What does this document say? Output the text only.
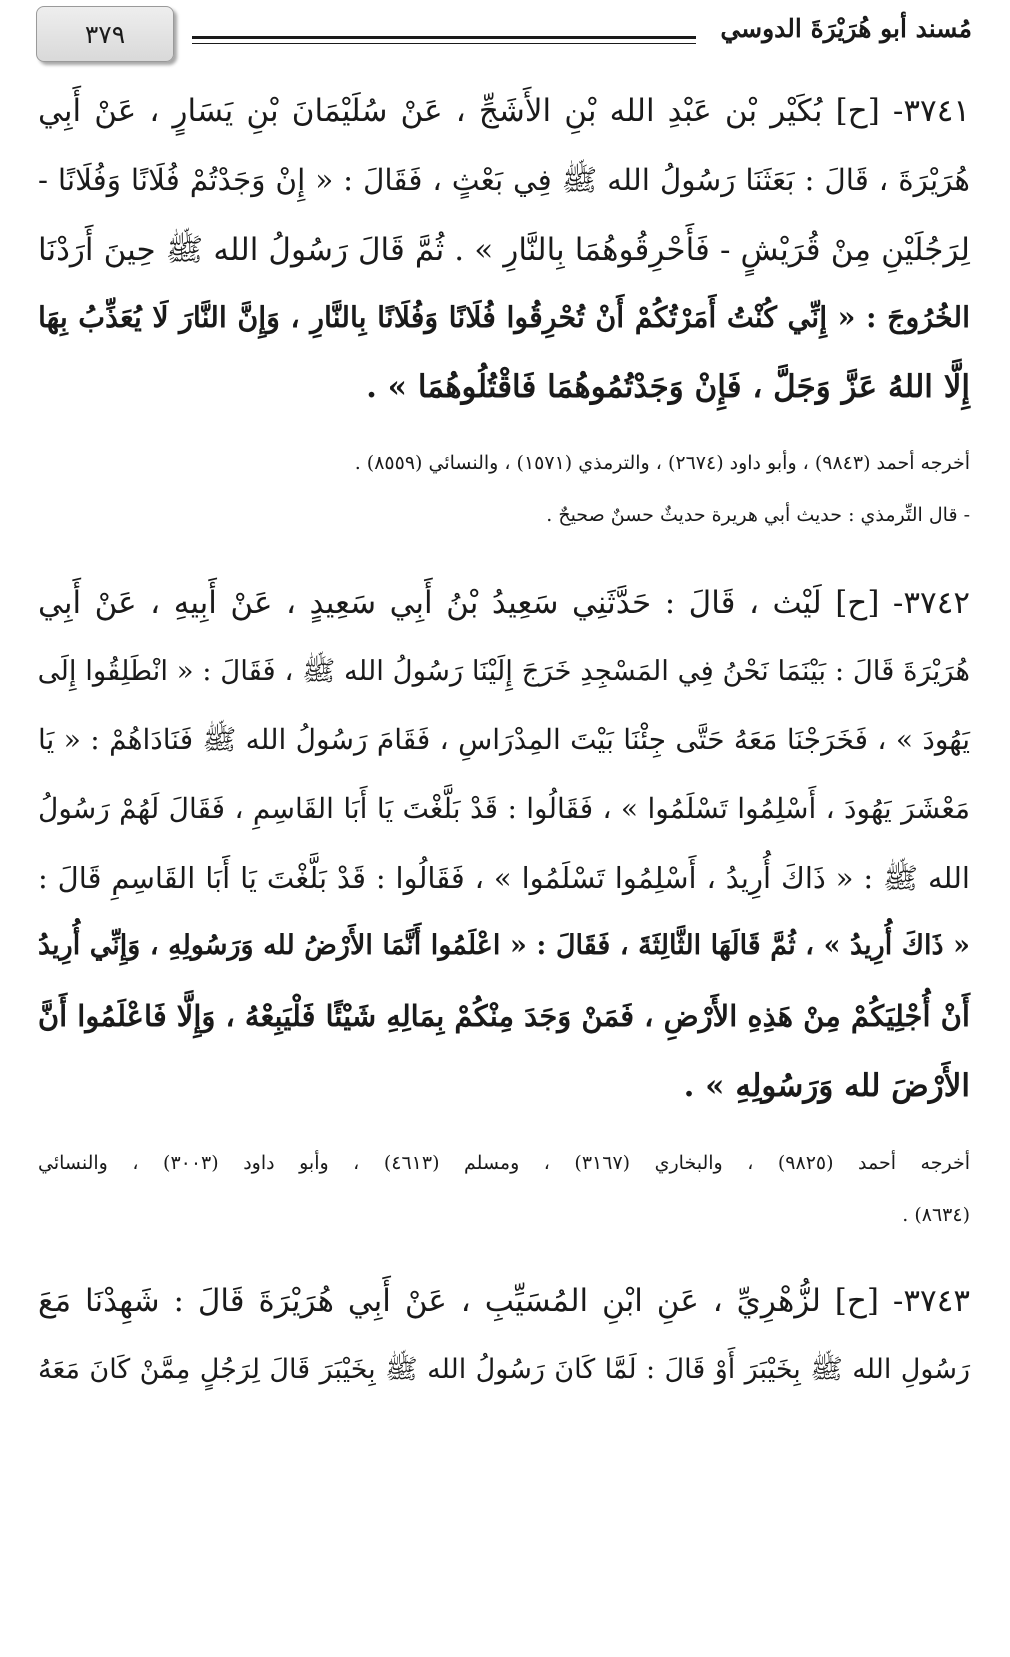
٣٧٩	مُسند أبو هُرَيْرَةَ الدوسي
٣٧٤١- [ح] بُكَيْر بْن عَبْدِ الله بْنِ الأَشَجِّ ، عَنْ سُلَيْمَانَ بْنِ يَسَارٍ ، عَنْ أَبِي
هُرَيْرَةَ ، قَالَ : بَعَثَنَا رَسُولُ الله ﷺ فِي بَعْثٍ ، فَقَالَ : « إِنْ وَجَدْتُمْ فُلَانًا وَفُلَانًا -
لِرَجُلَيْنِ مِنْ قُرَيْشٍ - فَأَحْرِقُوهُمَا بِالنَّارِ » . ثُمَّ قَالَ رَسُولُ الله ﷺ حِينَ أَرَدْنَا
الخُرُوجَ : « إِنِّي كُنْتُ أَمَرْتُكُمْ أَنْ تُحْرِقُوا فُلَانًا وَفُلَانًا بِالنَّارِ ، وَإِنَّ النَّارَ لَا يُعَذِّبُ بِهَا
إِلَّا اللهُ عَزَّ وَجَلَّ ، فَإِنْ وَجَدْتُمُوهُمَا فَاقْتُلُوهُمَا » .
أخرجه أحمد (٩٨٤٣) ، وأبو داود (٢٦٧٤) ، والترمذي (١٥٧١) ، والنسائي (٨٥٥٩) .
- قال التِّرمذي : حديث أبي هريرة حديثٌ حسنٌ صحيحٌ .
٣٧٤٢- [ح] لَيْث ، قَالَ : حَدَّثَنِي سَعِيدُ بْنُ أَبِي سَعِيدٍ ، عَنْ أَبِيهِ ، عَنْ أَبِي
هُرَيْرَةَ قَالَ : بَيْنَمَا نَحْنُ فِي المَسْجِدِ خَرَجَ إِلَيْنَا رَسُولُ الله ﷺ ، فَقَالَ : « انْطَلِقُوا إِلَى
يَهُودَ » ، فَخَرَجْنَا مَعَهُ حَتَّى جِئْنَا بَيْتَ المِدْرَاسِ ، فَقَامَ رَسُولُ الله ﷺ فَنَادَاهُمْ : « يَا
مَعْشَرَ يَهُودَ ، أَسْلِمُوا تَسْلَمُوا » ، فَقَالُوا : قَدْ بَلَّغْتَ يَا أَبَا القَاسِمِ ، فَقَالَ لَهُمْ رَسُولُ
الله ﷺ : « ذَاكَ أُرِيدُ ، أَسْلِمُوا تَسْلَمُوا » ، فَقَالُوا : قَدْ بَلَّغْتَ يَا أَبَا القَاسِمِ قَالَ :
« ذَاكَ أُرِيدُ » ، ثُمَّ قَالَهَا الثَّالِثَةَ ، فَقَالَ : « اعْلَمُوا أَنَّمَا الأَرْضُ لله وَرَسُولِهِ ، وَإِنِّي أُرِيدُ
أَنْ أُجْلِيَكُمْ مِنْ هَذِهِ الأَرْضِ ، فَمَنْ وَجَدَ مِنْكُمْ بِمَالِهِ شَيْئًا فَلْيَبِعْهُ ، وَإِلَّا فَاعْلَمُوا أَنَّ
الأَرْضَ لله وَرَسُولِهِ » .
أخرجه أحمد (٩٨٢٥) ، والبخاري (٣١٦٧) ، ومسلم (٤٦١٣) ، وأبو داود (٣٠٠٣) ، والنسائي
(٨٦٣٤) .
٣٧٤٣- [ح] لزُّهْرِيِّ ، عَنِ ابْنِ المُسَيِّبِ ، عَنْ أَبِي هُرَيْرَةَ قَالَ : شَهِدْنَا مَعَ
رَسُولِ الله ﷺ بِخَيْبَرَ أَوْ قَالَ : لَمَّا كَانَ رَسُولُ الله ﷺ بِخَيْبَرَ قَالَ لِرَجُلٍ مِمَّنْ كَانَ مَعَهُ
